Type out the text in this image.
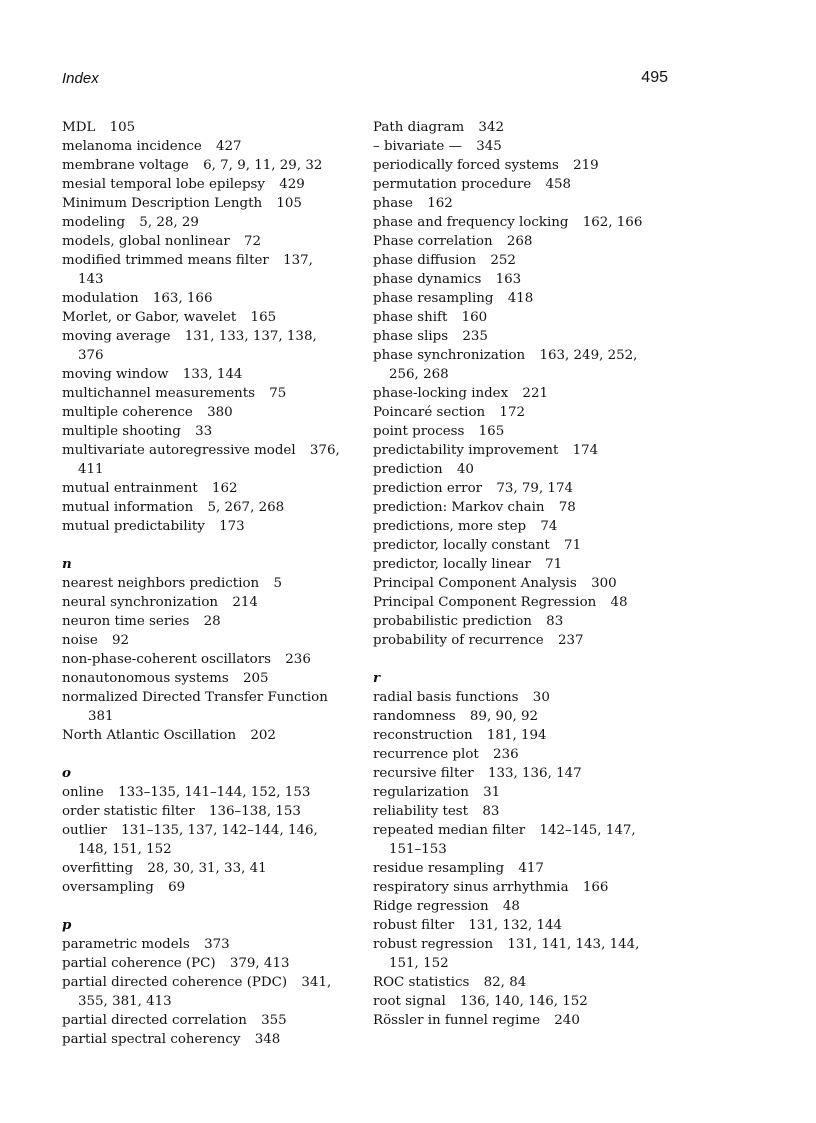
Index	495

MDL 105

melanoma incidence 427

membrane voltage 6, 7, 9, 11, 29, 32

mesial temporal lobe epilepsy 429

Minimum Description Length 105

modeling 5, 28, 29

models, global nonlinear 72

modified trimmed means filter 137, 143

modulation 163, 166

Morlet, or Gabor, wavelet 165

moving average 131, 133, 137, 138, 376

moving window 133, 144

multichannel measurements 75

multiple coherence 380

multiple shooting 33

multivariate autoregressive model 376, 411

mutual entrainment 162

mutual information 5, 267, 268

mutual predictability 173

n

nearest neighbors prediction 5

neural synchronization 214

neuron time series 28

noise 92

non-phase-coherent oscillators 236

nonautonomous systems 205

normalized Directed Transfer Function 381

North Atlantic Oscillation 202

o

online 133–135, 141–144, 152, 153

order statistic filter 136–138, 153

outlier 131–135, 137, 142–144, 146, 148, 151, 152

overfitting 28, 30, 31, 33, 41

oversampling 69

p

parametric models 373

partial coherence (PC) 379, 413

partial directed coherence (PDC) 341, 355, 381, 413

partial directed correlation 355

partial spectral coherency 348

Path diagram 342

– bivariate — 345

periodically forced systems 219

permutation procedure 458

phase 162

phase and frequency locking 162, 166

Phase correlation 268

phase diffusion 252

phase dynamics 163

phase resampling 418

phase shift 160

phase slips 235

phase synchronization 163, 249, 252, 256, 268

phase-locking index 221

Poincaré section 172

point process 165

predictability improvement 174

prediction 40

prediction error 73, 79, 174

prediction: Markov chain 78

predictions, more step 74

predictor, locally constant 71

predictor, locally linear 71

Principal Component Analysis 300

Principal Component Regression 48

probabilistic prediction 83

probability of recurrence 237

r

radial basis functions 30

randomness 89, 90, 92

reconstruction 181, 194

recurrence plot 236

recursive filter 133, 136, 147

regularization 31

reliability test 83

repeated median filter 142–145, 147, 151–153

residue resampling 417

respiratory sinus arrhythmia 166

Ridge regression 48

robust filter 131, 132, 144

robust regression 131, 141, 143, 144, 151, 152

ROC statistics 82, 84

root signal 136, 140, 146, 152

Rössler in funnel regime 240
